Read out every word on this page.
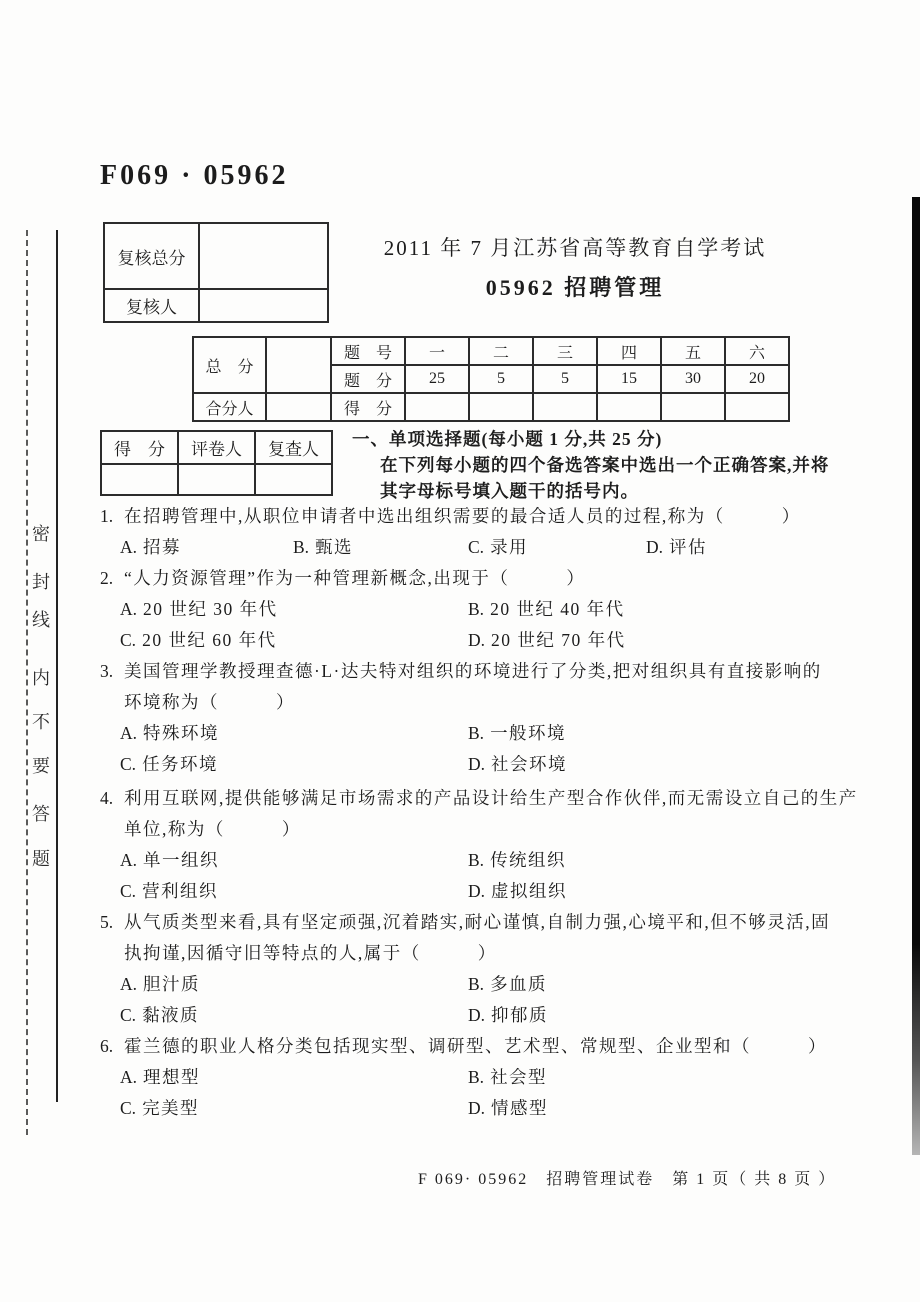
密
封
线
内
不
要
答
题
F069 · 05962
复核总分	
复核人	
2011 年 7 月江苏省高等教育自学考试
05962 招聘管理
总　分		题　号	一	二	三	四	五	六
		题　分	25	5	5	15	30	20
合分人		得　分						
得　分	评卷人	复查人

一、单项选择题(每小题 1 分,共 25 分)
在下列每小题的四个备选答案中选出一个正确答案,并将
其字母标号填入题干的括号内。
1. 在招聘管理中,从职位申请者中选出组织需要的最合适人员的过程,称为（　　　）
A. 招募	B. 甄选	C. 录用	D. 评估
2. “人力资源管理”作为一种管理新概念,出现于（　　　）
A. 20 世纪 30 年代	B. 20 世纪 40 年代
C. 20 世纪 60 年代	D. 20 世纪 70 年代
3. 美国管理学教授理查德·L·达夫特对组织的环境进行了分类,把对组织具有直接影响的
环境称为（　　　）
A. 特殊环境	B. 一般环境
C. 任务环境	D. 社会环境
4. 利用互联网,提供能够满足市场需求的产品设计给生产型合作伙伴,而无需设立自己的生产
单位,称为（　　　）
A. 单一组织	B. 传统组织
C. 营利组织	D. 虚拟组织
5. 从气质类型来看,具有坚定顽强,沉着踏实,耐心谨慎,自制力强,心境平和,但不够灵活,固
执拘谨,因循守旧等特点的人,属于（　　　）
A. 胆汁质	B. 多血质
C. 黏液质	D. 抑郁质
6. 霍兰德的职业人格分类包括现实型、调研型、艺术型、常规型、企业型和（　　　）
A. 理想型	B. 社会型
C. 完美型	D. 情感型
F 069· 05962　招聘管理试卷　第 1 页（ 共 8 页 ）
